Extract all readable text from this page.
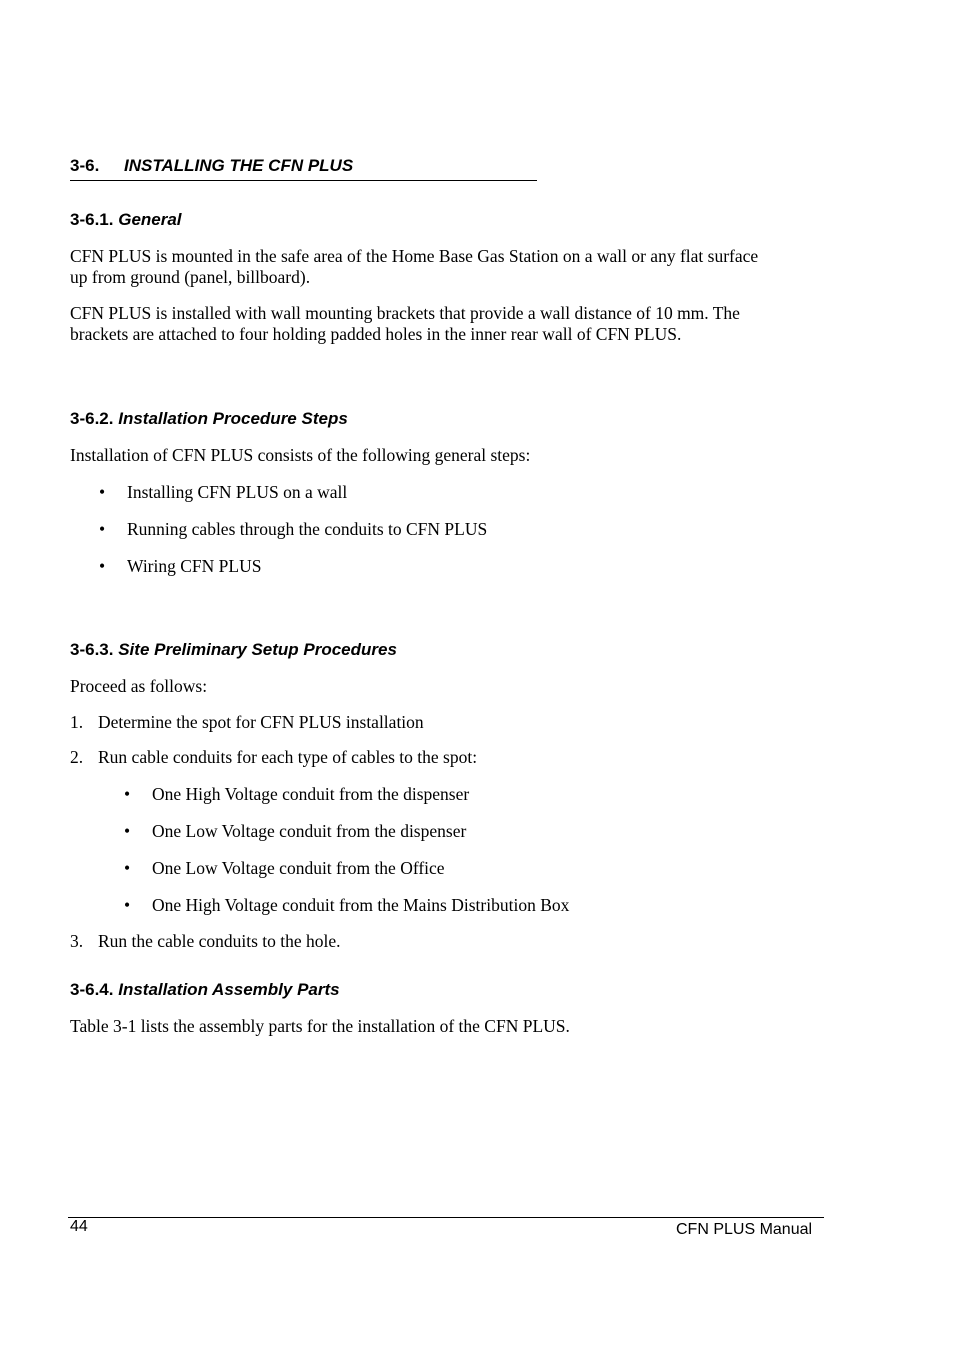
3-6. INSTALLING THE CFN PLUS
3-6.1. General
CFN PLUS is mounted in the safe area of the Home Base Gas Station on a wall or any flat surface
up from ground (panel, billboard).
CFN PLUS is installed with wall mounting brackets that provide a wall distance of 10 mm. The
brackets are attached to four holding padded holes in the inner rear wall of CFN PLUS.
3-6.2. Installation Procedure Steps
Installation of CFN PLUS consists of the following general steps:
• Installing CFN PLUS on a wall
• Running cables through the conduits to CFN PLUS
• Wiring CFN PLUS
3-6.3. Site Preliminary Setup Procedures
Proceed as follows:
1. Determine the spot for CFN PLUS installation
2. Run cable conduits for each type of cables to the spot:
• One High Voltage conduit from the dispenser
• One Low Voltage conduit from the dispenser
• One Low Voltage conduit from the Office
• One High Voltage conduit from the Mains Distribution Box
3. Run the cable conduits to the hole.
3-6.4. Installation Assembly Parts
Table 3-1 lists the assembly parts for the installation of the CFN PLUS.
44	CFN PLUS Manual
